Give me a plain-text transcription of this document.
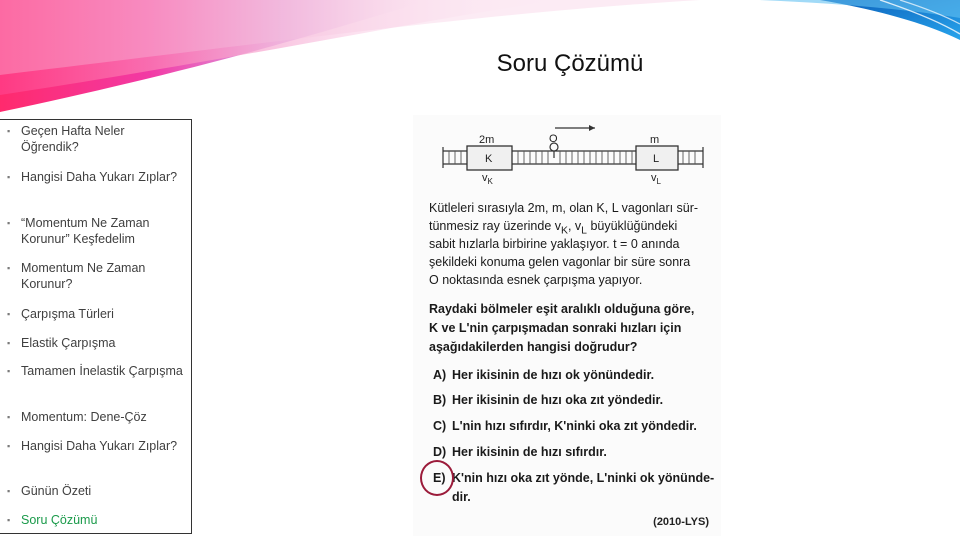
Soru Çözümü
▪ Geçen Hafta Neler Öğrendik?
▪ Hangisi Daha Yukarı Zıplar?
▪ “Momentum Ne Zaman Korunur” Keşfedelim
▪ Momentum Ne Zaman Korunur?
▪ Çarpışma Türleri
▪ Elastik Çarpışma
▪ Tamamen İnelastik Çarpışma
▪ Momentum: Dene-Çöz
▪ Hangisi Daha Yukarı Zıplar?
▪ Günün Özeti
▪ Soru Çözümü
2m
K
$v_K$
O	m
L
$v_L$
Kütleleri sırasıyla 2m, m, olan K, L vagonları sür-
tünmesiz ray üzerinde $v_K$, $v_L$ büyüklüğündeki
sabit hızlarla birbirine yaklaşıyor. t = 0 anında
şekildeki konuma gelen vagonlar bir süre sonra
O noktasında esnek çarpışma yapıyor.
Raydaki bölmeler eşit aralıklı olduğuna göre,
K ve L'nin çarpışmadan sonraki hızları için
aşağıdakilerden hangisi doğrudur?
A) Her ikisinin de hızı ok yönündedir.
B) Her ikisinin de hızı oka zıt yöndedir.
C) L'nin hızı sıfırdır, K'ninki oka zıt yöndedir.
D) Her ikisinin de hızı sıfırdır.
E) K'nin hızı oka zıt yönde, L'ninki ok yönünde-
dir.
(2010-LYS)
